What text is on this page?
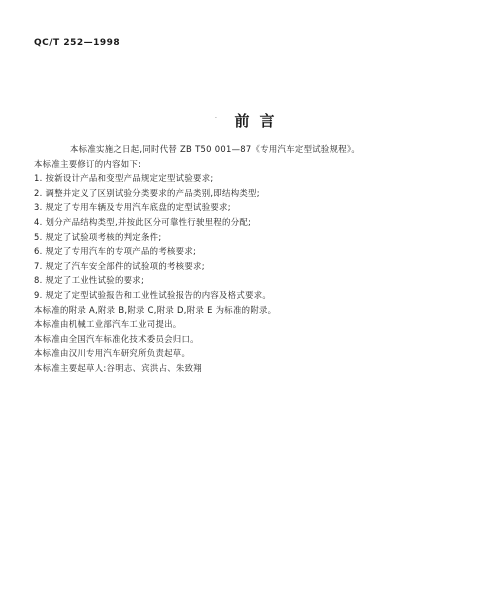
QC/T 252—1998
·	前言
本标准实施之日起,同时代替 ZB T50 001—87《专用汽车定型试验规程》。
本标准主要修订的内容如下:
1. 按新设计产品和变型产品规定定型试验要求;
2. 调整并定义了区别试验分类要求的产品类别,即结构类型;
3. 规定了专用车辆及专用汽车底盘的定型试验要求;
4. 划分产品结构类型,并按此区分可靠性行驶里程的分配;
5. 规定了试验项考核的判定条件;
6. 规定了专用汽车的专项产品的考核要求;
7. 规定了汽车安全部件的试验项的考核要求;
8. 规定了工业性试验的要求;
9. 规定了定型试验报告和工业性试验报告的内容及格式要求。
本标准的附录 A,附录 B,附录 C,附录 D,附录 E 为标准的附录。
本标准由机械工业部汽车工业司提出。
本标准由全国汽车标准化技术委员会归口。
本标准由汉川专用汽车研究所负责起草。
本标准主要起草人:谷明志、宾洪占、朱致翔
